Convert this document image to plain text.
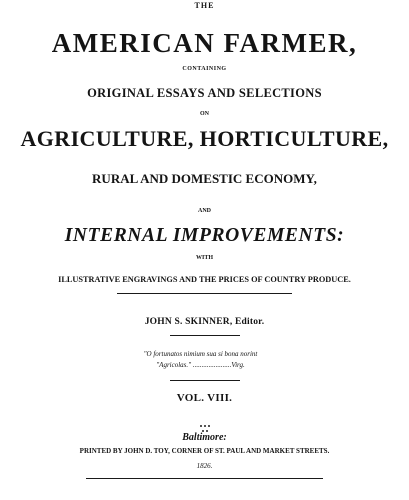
THE
AMERICAN FARMER,
CONTAINING
ORIGINAL ESSAYS AND SELECTIONS
ON
AGRICULTURE, HORTICULTURE,
RURAL AND DOMESTIC ECONOMY,
AND
INTERNAL IMPROVEMENTS:
WITH
ILLUSTRATIVE ENGRAVINGS AND THE PRICES OF COUNTRY PRODUCE.
JOHN S. SKINNER, Editor.
"O fortunatos nimium sua si bona norint
"Agricolas." ......................Virg.
VOL. VIII.
Baltimore:
PRINTED BY JOHN D. TOY, CORNER OF ST. PAUL AND MARKET STREETS.
1826.
